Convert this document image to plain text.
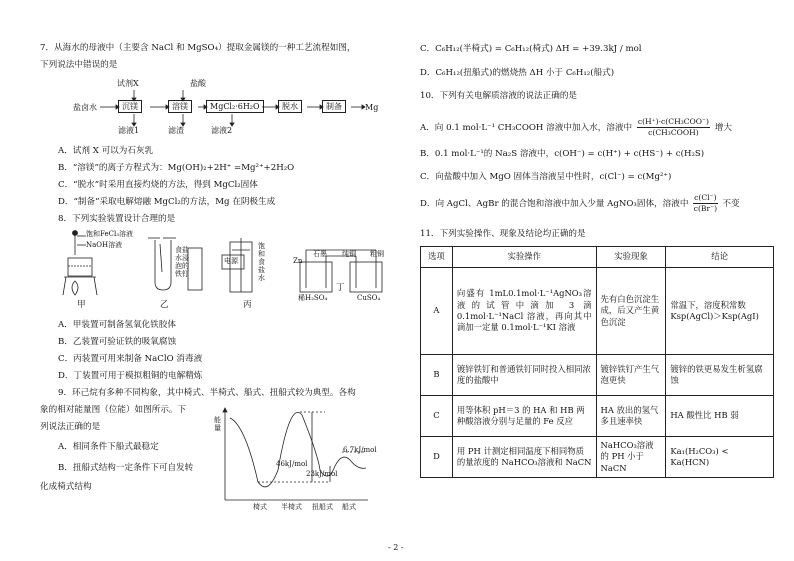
7．从海水的母液中（主要含 NaCl 和 MgSO₄）提取金属镁的一种工艺流程如图，
下列说法中错误的是
试剂X	盐酸
盐卤水	沉镁	溶镁	MgCl₂·6H₂O	脱水	制备	Mg
滤液1	滤渣	滤液2
A．试剂 X 可以为石灰乳
B．“溶镁”的离子方程式为：Mg(OH)₂+2H⁺ =Mg²⁺+2H₂O
C．“脱水”时采用直接灼烧的方法，得到 MgCl₂固体
D．“制备”采取电解熔融 MgCl₂的方法，Mg 在阴极生成
8．下列实验装置设计合理的是
饱和FeCl₃溶液
NaOH溶液
甲
食盐水浸泡的铁钉
乙
电源
饱和食盐水
丙
Zn
石墨 纯铜 粗铜
稀H₂SO₄	CuSO₄
丁
A．甲装置可制备氢氧化铁胶体
B．乙装置可验证铁的吸氧腐蚀
C．丙装置可用来制备 NaClO 消毒液
D．丁装置可用于模拟粗铜的电解精炼
9．环己烷有多种不同构象，其中椅式、半椅式、船式、扭船式较为典型。各构
象的相对能量图（位能）如图所示。下
列说法正确的是
A．相同条件下船式最稳定
B．扭船式结构一定条件下可自发转
化成椅式结构
能量
46kJ/mol
23kJ/mol
6.7kJ/mol
椅式 半椅式 扭船式 船式
C．C₆H₁₂(半椅式) = C₆H₁₂(椅式) ΔH = +39.3kJ / mol
D．C₆H₁₂(扭船式)的燃烧热 ΔH 小于 C₆H₁₂(船式)
10．下列有关电解质溶液的说法正确的是
A．向 0.1 mol·L⁻¹ CH₃COOH 溶液中加入水，溶液中
c(H⁺)·c(CH₃COO⁻)
c(CH₃COOH)	增大
B．0.1 mol·L⁻¹的 Na₂S 溶液中，c(OH⁻) = c(H⁺) + c(HS⁻) + c(H₂S)
C．向盐酸中加入 MgO 固体当溶液呈中性时，c(Cl⁻) = c(Mg²⁺)
D．向 AgCl、AgBr 的混合饱和溶液中加入少量 AgNO₃固体，溶液中 $\frac{c(Cl^-)}{c(Br^-)}$ 不变
11．下列实验操作、现象及结论均正确的是
选项	实验操作	实验现象	结论
A	向盛有 1mL0.1mol·L⁻¹AgNO₃溶液的试管中滴加 3 滴 0.1mol·L⁻¹NaCl 溶液，再向其中滴加一定量 0.1mol·L⁻¹KI 溶液	先有白色沉淀生成，后又产生黄色沉淀	常温下，溶度积常数 Ksp(AgCl)＞Ksp(AgI)
B	镀锌铁钉和普通铁钉同时投入相同浓度的盐酸中	镀锌铁钉产生气泡更快	镀锌的铁更易发生析氢腐蚀
C	用等体积 pH＝3 的 HA 和 HB 两种酸溶液分别与足量的 Fe 反应	HA 放出的氢气多且速率快	HA 酸性比 HB 弱
D	用 PH 计测定相同温度下相同物质的量浓度的 NaHCO₃溶液和 NaCN	NaHCO₃溶液的 PH 小于 NaCN	Ka₁(H₂CO₃) < Ka(HCN)
- 2 -
